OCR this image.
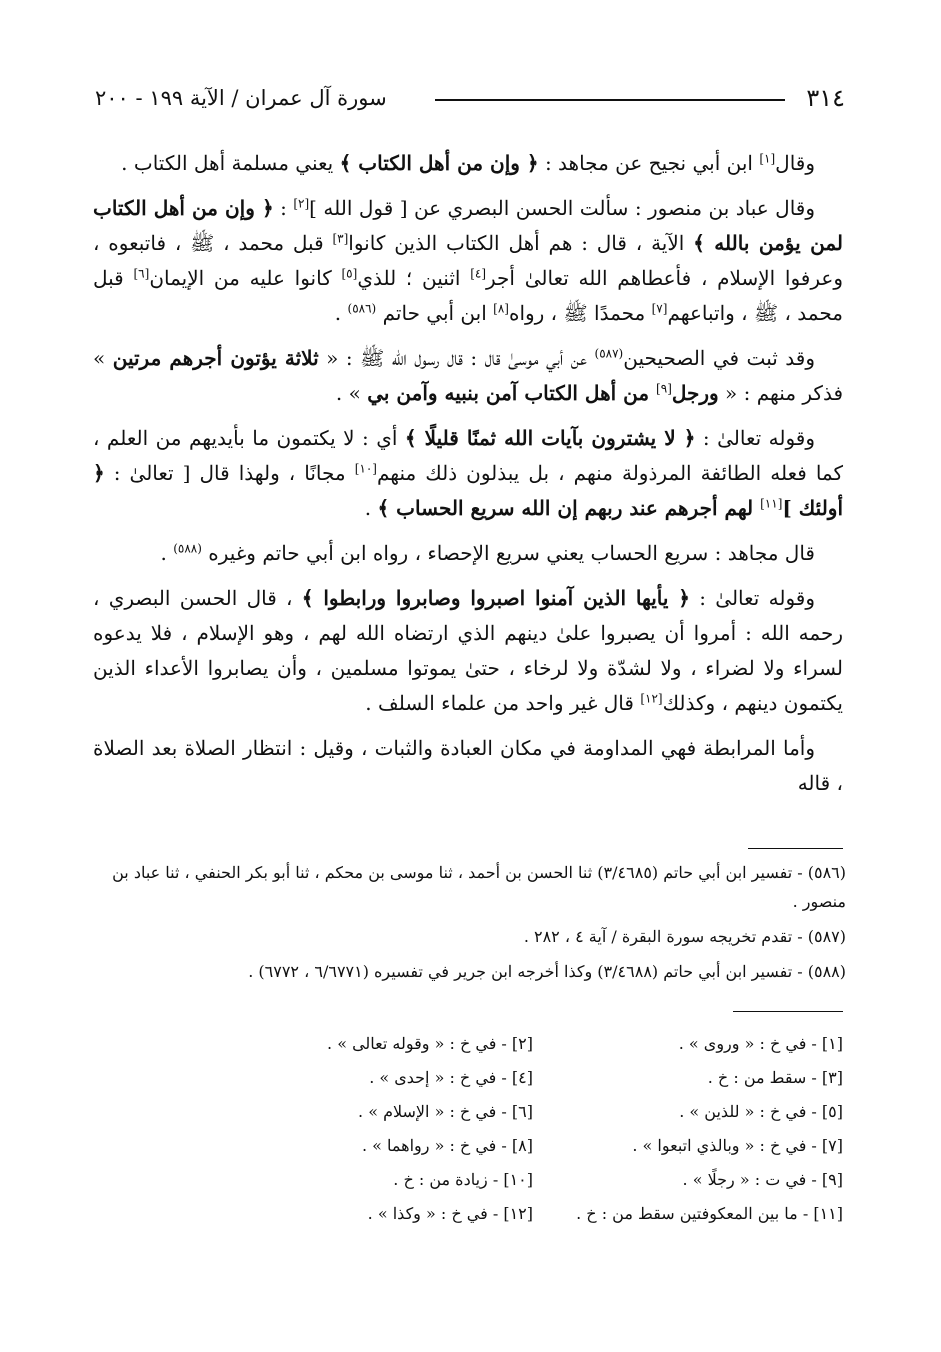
٣١٤
سورة آل عمران / الآية ١٩٩ - ٢٠٠

وقال[١] ابن أبي نجيح عن مجاهد : ﴿ وإن من أهل الكتاب ﴾ يعني مسلمة أهل الكتاب .

وقال عباد بن منصور : سألت الحسن البصري عن [ قول الله ][٢] : ﴿ وإن من أهل الكتاب لمن يؤمن بالله ﴾ الآية ، قال : هم أهل الكتاب الذين كانوا[٣] قبل محمد ، ﷺ ، فاتبعوه ، وعرفوا الإسلام ، فأعطاهم الله تعالىٰ أجر[٤] اثنين ؛ للذي[٥] كانوا عليه من الإيمان[٦] قبل محمد ، ﷺ ، واتباعهم[٧] محمدًا ﷺ ، رواه[٨] ابن أبي حاتم $^{(٥٨٦)}$ .

وقد ثبت في الصحيحين$^{(٥٨٧)}$ عن أبي موسىٰ قال : قال رسول الله ﷺ : « ثلاثة يؤتون أجرهم مرتين » فذكر منهم : « ورجل[٩] من أهل الكتاب آمن بنبيه وآمن بي » .

وقوله تعالىٰ : ﴿ لا يشترون بآيات الله ثمنًا قليلًا ﴾ أي : لا يكتمون ما بأيديهم من العلم ، كما فعله الطائفة المرذولة منهم ، بل يبذلون ذلك منهم[١٠] مجانًا ، ولهذا قال [ تعالىٰ : ﴿ أولئك ][١١] لهم أجرهم عند ربهم إن الله سريع الحساب ﴾ .

قال مجاهد : سريع الحساب يعني سريع الإحصاء ، رواه ابن أبي حاتم وغيره $^{(٥٨٨)}$ .

وقوله تعالىٰ : ﴿ يأيها الذين آمنوا اصبروا وصابروا ورابطوا ﴾ ، قال الحسن البصري ، رحمه الله : أمروا أن يصبروا علىٰ دينهم الذي ارتضاه الله لهم ، وهو الإسلام ، فلا يدعوه لسراء ولا لضراء ، ولا لشدّة ولا لرخاء ، حتىٰ يموتوا مسلمين ، وأن يصابروا الأعداء الذين يكتمون دينهم ، وكذلك[١٢] قال غير واحد من علماء السلف .

وأما المرابطة فهي المداومة في مكان العبادة والثبات ، وقيل : انتظار الصلاة بعد الصلاة ، قاله

(٥٨٦) - تفسير ابن أبي حاتم (٣/٤٦٨٥) ثنا الحسن بن أحمد ، ثنا موسى بن محكم ، ثنا أبو بكر الحنفي ، ثنا عباد بن منصور .
(٥٨٧) - تقدم تخريجه سورة البقرة / آية ٤ ، ٢٨٢ .
(٥٨٨) - تفسير ابن أبي حاتم (٣/٤٦٨٨) وكذا أخرجه ابن جرير في تفسيره (٦/٦٧٧١ ، ٦٧٧٢) .
[١] - في خ : « وروى » .
[٢] - في خ : « وقوله تعالى » .
[٣] - سقط من : خ .
[٤] - في خ : « إحدى » .
[٥] - في خ : « للذين » .
[٦] - في خ : « الإسلام » .
[٧] - في خ : « وبالذي اتبعوا » .
[٨] - في خ : « رواهما » .
[٩] - في ت : « رجلًا » .
[١٠] - زيادة من : خ .
[١١] - ما بين المعكوفتين سقط من : خ .
[١٢] - في خ : « وكذا » .
